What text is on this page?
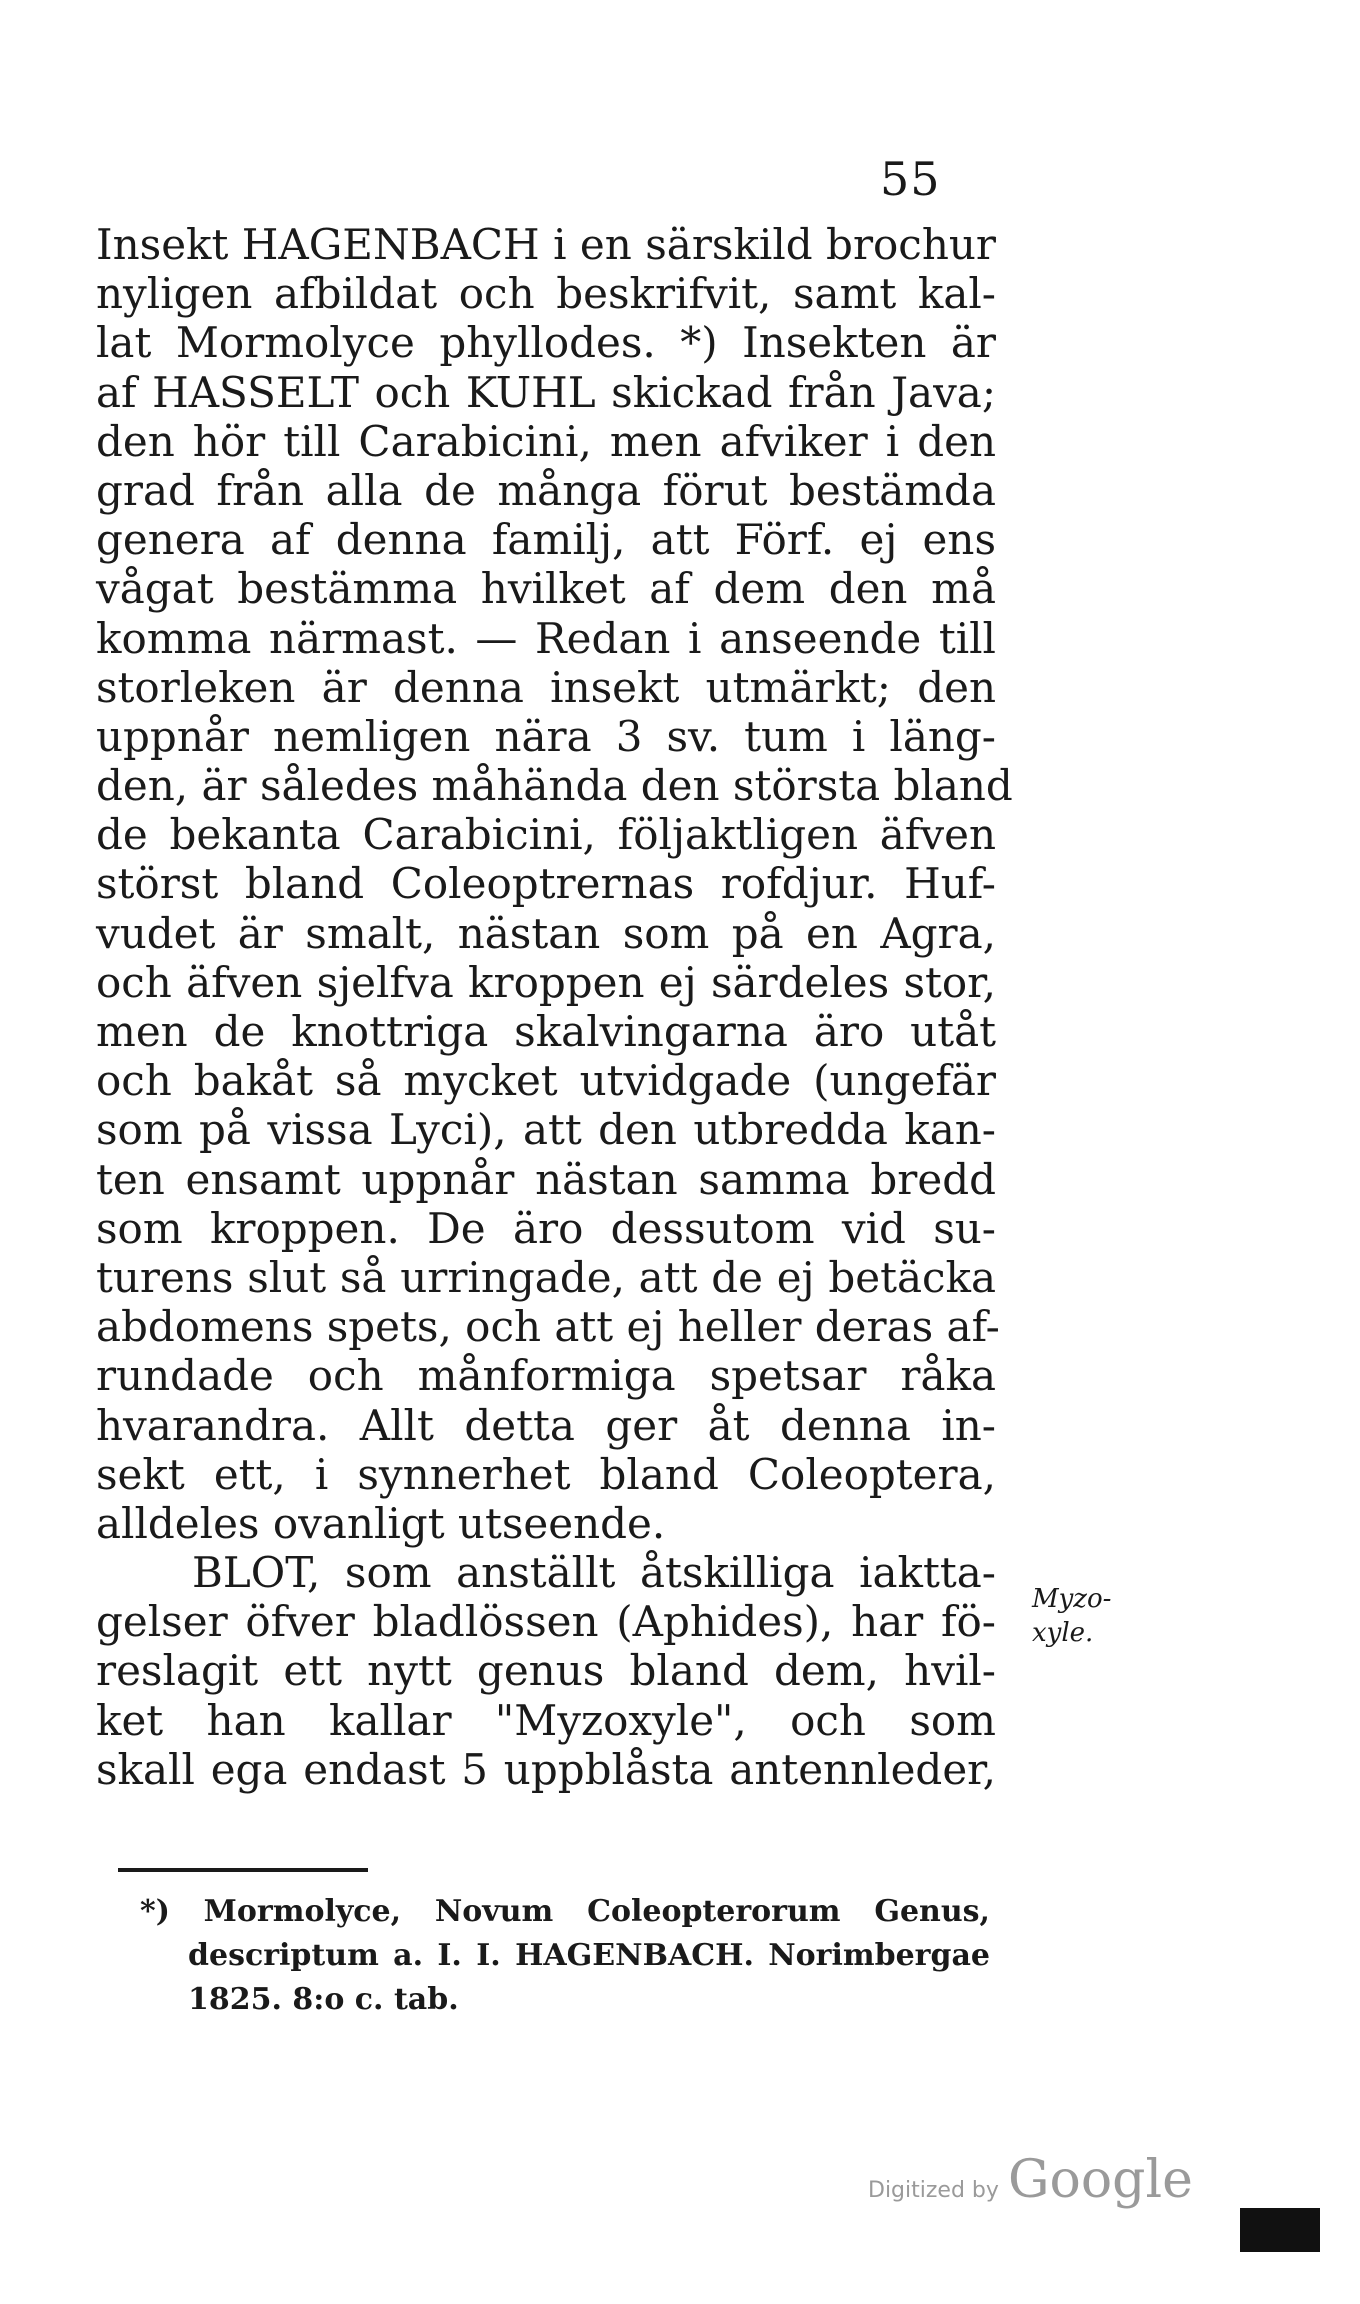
55
Insekt HAGENBACH i en särskild brochur
nyligen afbildat och beskrifvit, samt kal-
lat Mormolyce phyllodes. *) Insekten är
af HASSELT och KUHL skickad från Java;
den hör till Carabicini, men afviker i den
grad från alla de många förut bestämda
genera af denna familj, att Förf. ej ens
vågat bestämma hvilket af dem den må
komma närmast. — Redan i anseende till
storleken är denna insekt utmärkt; den
uppnår nemligen nära 3 sv. tum i läng-
den, är således måhända den största bland
de bekanta Carabicini, följaktligen äfven
störst bland Coleoptrernas rofdjur. Huf-
vudet är smalt, nästan som på en Agra,
och äfven sjelfva kroppen ej särdeles stor,
men de knottriga skalvingarna äro utåt
och bakåt så mycket utvidgade (ungefär
som på vissa Lyci), att den utbredda kan-
ten ensamt uppnår nästan samma bredd
som kroppen. De äro dessutom vid su-
turens slut så urringade, att de ej betäcka
abdomens spets, och att ej heller deras af-
rundade och månformiga spetsar råka
hvarandra. Allt detta ger åt denna in-
sekt ett, i synnerhet bland Coleoptera,
alldeles ovanligt utseende.
BLOT, som anställt åtskilliga iaktta-
gelser öfver bladlössen (Aphides), har fö-
reslagit ett nytt genus bland dem, hvil-
ket han kallar "Myzoxyle", och som
skall ega endast 5 uppblåsta antennleder,
Myzo-
xyle.
*) Mormolyce, Novum Coleopterorum Genus,
descriptum a. I. I. HAGENBACH. Norimbergae
1825. 8:o c. tab.
Digitized by Google
